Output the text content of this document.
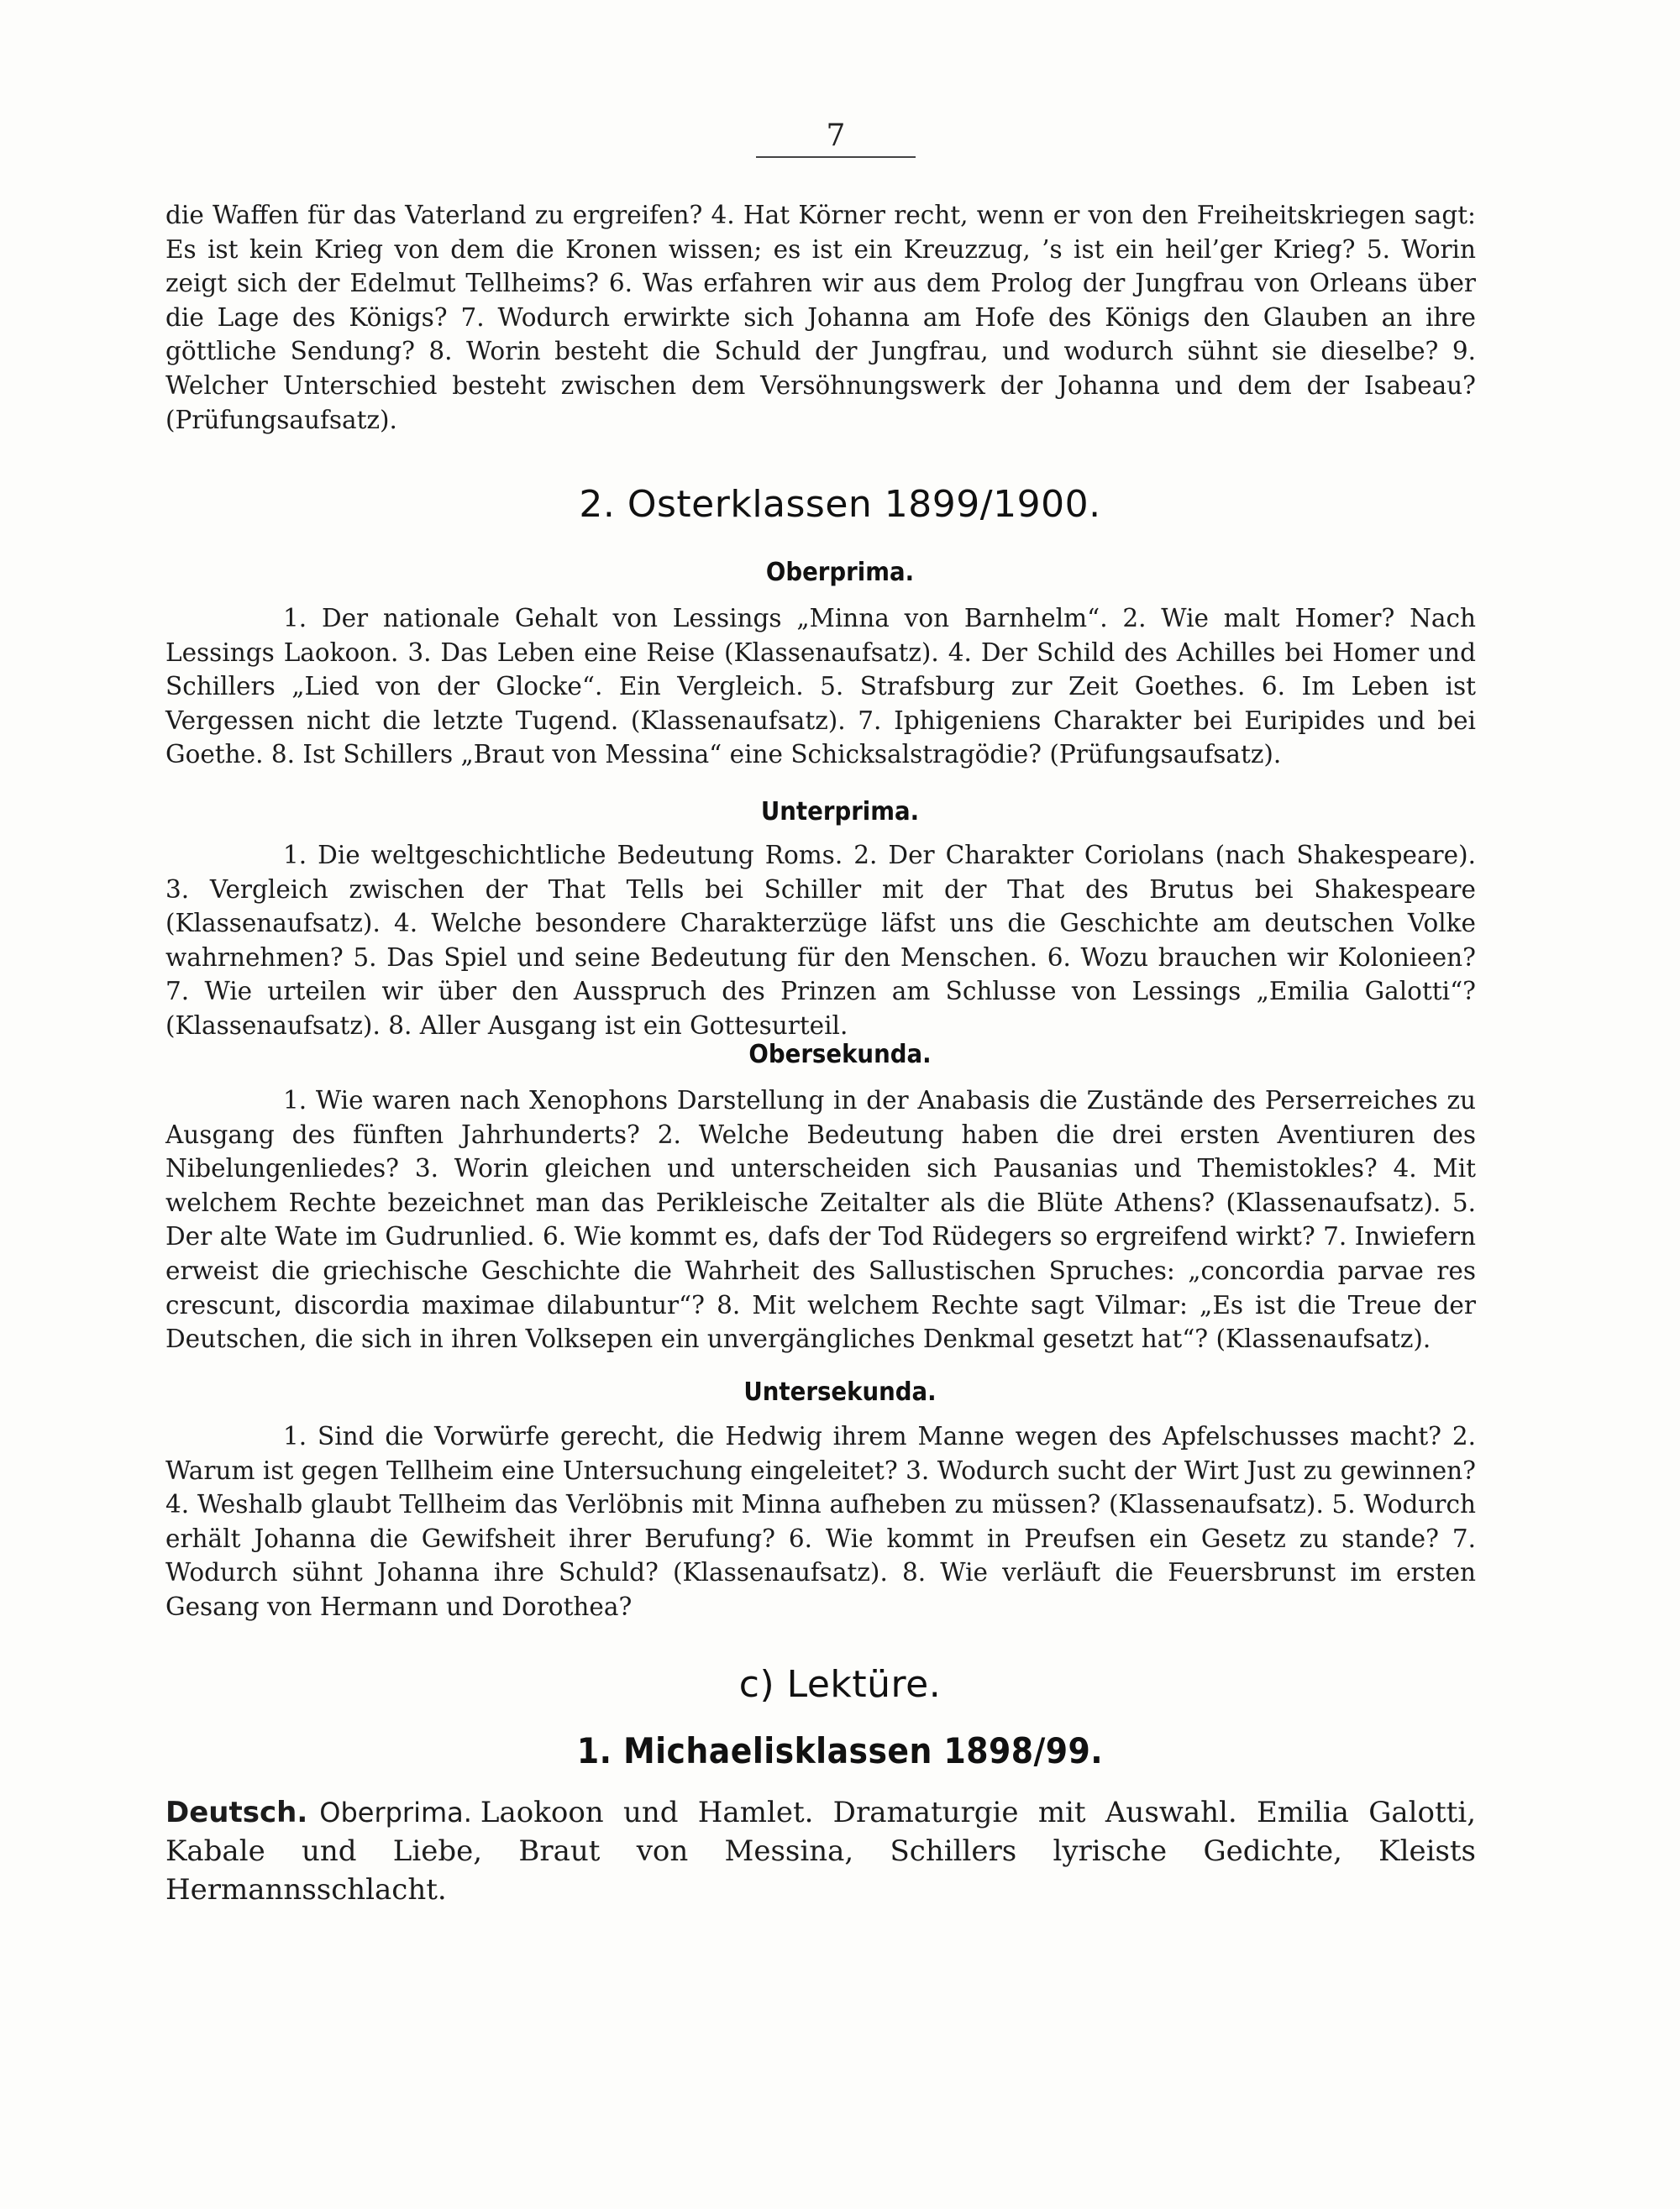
7

die Waffen für das Vaterland zu ergreifen? 4. Hat Körner recht, wenn er von den Freiheitskriegen sagt: Es ist kein Krieg von dem die Kronen wissen; es ist ein Kreuzzug, ’s ist ein heil’ger Krieg? 5. Worin zeigt sich der Edelmut Tellheims? 6. Was erfahren wir aus dem Prolog der Jungfrau von Orleans über die Lage des Königs? 7. Wodurch erwirkte sich Johanna am Hofe des Königs den Glauben an ihre göttliche Sendung? 8. Worin besteht die Schuld der Jungfrau, und wodurch sühnt sie dieselbe? 9. Welcher Unterschied besteht zwischen dem Versöhnungswerk der Johanna und dem der Isabeau? (Prüfungsaufsatz).

2. Osterklassen 1899/1900.
Oberprima.

1. Der nationale Gehalt von Lessings „Minna von Barnhelm“. 2. Wie malt Homer? Nach Lessings Laokoon. 3. Das Leben eine Reise (Klassenaufsatz). 4. Der Schild des Achilles bei Homer und Schillers „Lied von der Glocke“. Ein Vergleich. 5. Strafsburg zur Zeit Goethes. 6. Im Leben ist Vergessen nicht die letzte Tugend. (Klassenaufsatz). 7. Iphigeniens Charakter bei Euripides und bei Goethe. 8. Ist Schillers „Braut von Messina“ eine Schicksalstragödie? (Prüfungsaufsatz).

Unterprima.

1. Die weltgeschichtliche Bedeutung Roms. 2. Der Charakter Coriolans (nach Shakespeare). 3. Vergleich zwischen der That Tells bei Schiller mit der That des Brutus bei Shakespeare (Klassenaufsatz). 4. Welche besondere Charakterzüge läfst uns die Geschichte am deutschen Volke wahrnehmen? 5. Das Spiel und seine Bedeutung für den Menschen. 6. Wozu brauchen wir Kolonieen? 7. Wie urteilen wir über den Ausspruch des Prinzen am Schlusse von Lessings „Emilia Galotti“? (Klassenaufsatz). 8. Aller Ausgang ist ein Gottesurteil.

Obersekunda.

1. Wie waren nach Xenophons Darstellung in der Anabasis die Zustände des Perserreiches zu Ausgang des fünften Jahrhunderts? 2. Welche Bedeutung haben die drei ersten Aventiuren des Nibelungenliedes? 3. Worin gleichen und unterscheiden sich Pausanias und Themistokles? 4. Mit welchem Rechte bezeichnet man das Perikleische Zeitalter als die Blüte Athens? (Klassenaufsatz). 5. Der alte Wate im Gudrunlied. 6. Wie kommt es, dafs der Tod Rüdegers so ergreifend wirkt? 7. Inwiefern erweist die griechische Geschichte die Wahrheit des Sallustischen Spruches: „concordia parvae res crescunt, discordia maximae dilabuntur“? 8. Mit welchem Rechte sagt Vilmar: „Es ist die Treue der Deutschen, die sich in ihren Volksepen ein unvergängliches Denkmal gesetzt hat“? (Klassenaufsatz).

Untersekunda.

1. Sind die Vorwürfe gerecht, die Hedwig ihrem Manne wegen des Apfelschusses macht? 2. Warum ist gegen Tellheim eine Untersuchung eingeleitet? 3. Wodurch sucht der Wirt Just zu gewinnen? 4. Weshalb glaubt Tellheim das Verlöbnis mit Minna aufheben zu müssen? (Klassenaufsatz). 5. Wodurch erhält Johanna die Gewifsheit ihrer Berufung? 6. Wie kommt in Preufsen ein Gesetz zu stande? 7. Wodurch sühnt Johanna ihre Schuld? (Klassenaufsatz). 8. Wie verläuft die Feuersbrunst im ersten Gesang von Hermann und Dorothea?

c) Lektüre.
1. Michaelisklassen 1898/99.

Deutsch. Oberprima. Laokoon und Hamlet. Dramaturgie mit Auswahl. Emilia Galotti, Kabale und Liebe, Braut von Messina, Schillers lyrische Gedichte, Kleists Hermannsschlacht.
